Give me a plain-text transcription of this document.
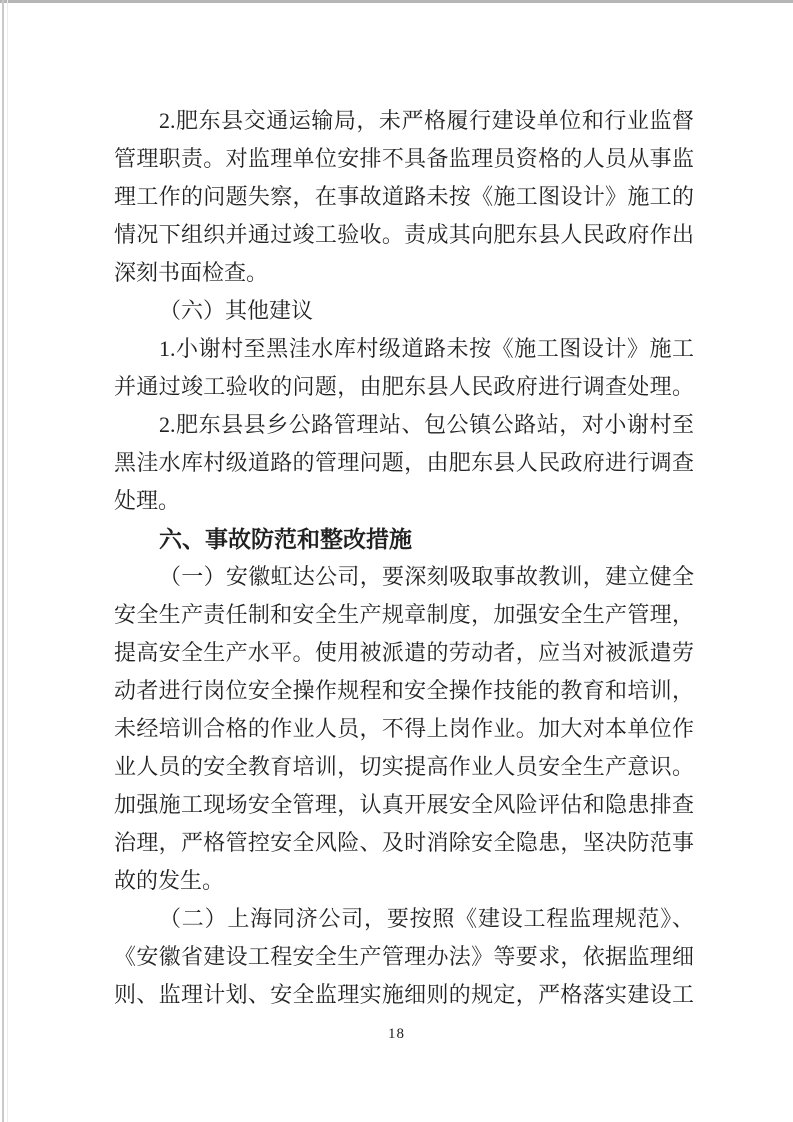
2.肥东县交通运输局，未严格履行建设单位和行业监督
管理职责。对监理单位安排不具备监理员资格的人员从事监
理工作的问题失察，在事故道路未按《施工图设计》施工的
情况下组织并通过竣工验收。责成其向肥东县人民政府作出
深刻书面检查。
（六）其他建议
1.小谢村至黑洼水库村级道路未按《施工图设计》施工
并通过竣工验收的问题，由肥东县人民政府进行调查处理。
2.肥东县县乡公路管理站、包公镇公路站，对小谢村至
黑洼水库村级道路的管理问题，由肥东县人民政府进行调查
处理。
六、事故防范和整改措施
（一）安徽虹达公司，要深刻吸取事故教训，建立健全
安全生产责任制和安全生产规章制度，加强安全生产管理，
提高安全生产水平。使用被派遣的劳动者，应当对被派遣劳
动者进行岗位安全操作规程和安全操作技能的教育和培训，
未经培训合格的作业人员，不得上岗作业。加大对本单位作
业人员的安全教育培训，切实提高作业人员安全生产意识。
加强施工现场安全管理，认真开展安全风险评估和隐患排查
治理，严格管控安全风险、及时消除安全隐患，坚决防范事
故的发生。
（二）上海同济公司，要按照《建设工程监理规范》、
《安徽省建设工程安全生产管理办法》等要求，依据监理细
则、监理计划、安全监理实施细则的规定，严格落实建设工
18
